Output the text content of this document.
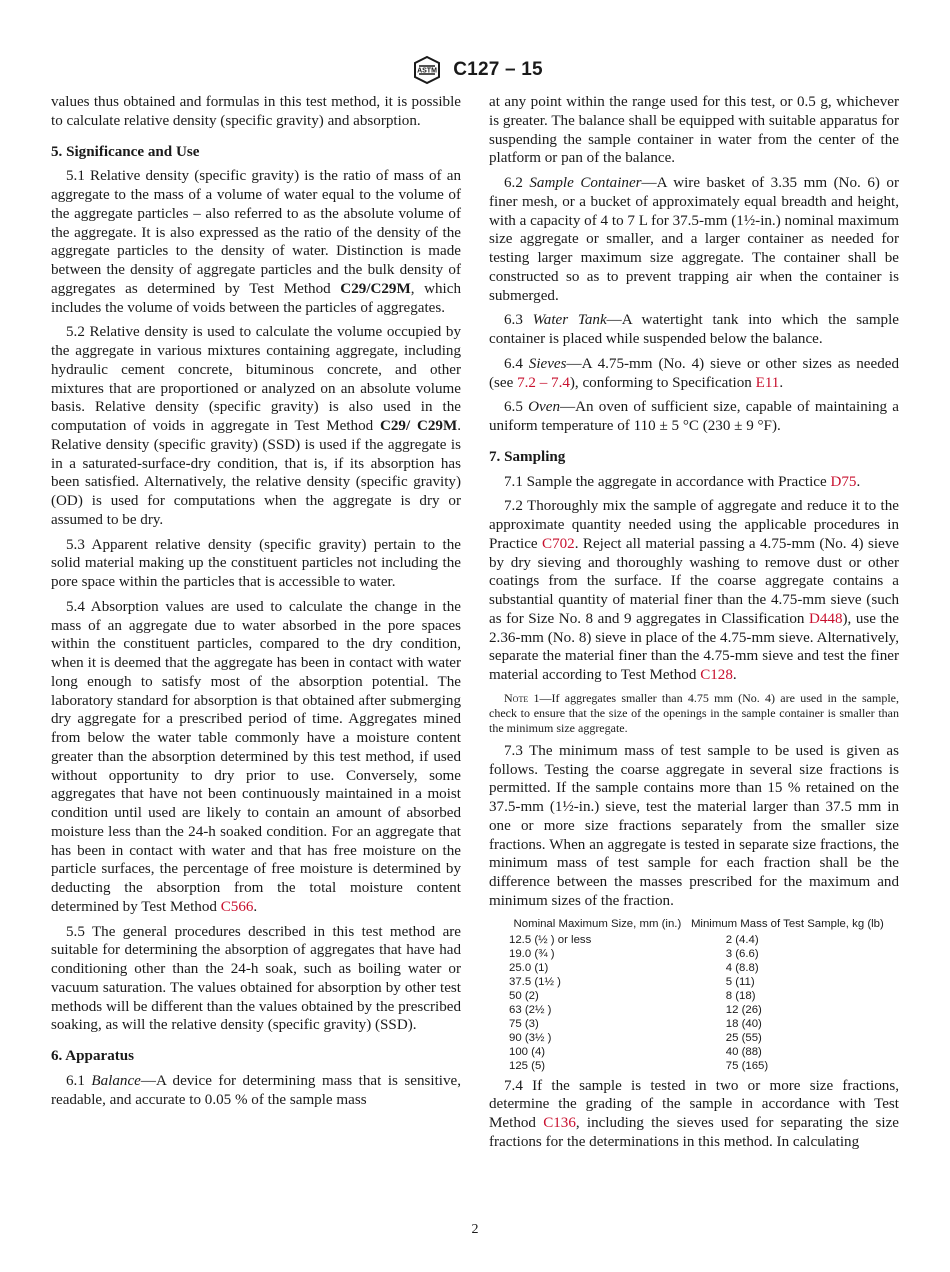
ASTM C127 – 15

values thus obtained and formulas in this test method, it is possible to calculate relative density (specific gravity) and absorption.

5. Significance and Use

5.1 Relative density (specific gravity) is the ratio of mass of an aggregate to the mass of a volume of water equal to the volume of the aggregate particles – also referred to as the absolute volume of the aggregate. It is also expressed as the ratio of the density of the aggregate particles to the density of water. Distinction is made between the density of aggregate particles and the bulk density of aggregates as determined by Test Method C29/C29M, which includes the volume of voids between the particles of aggregates.

5.2 Relative density is used to calculate the volume occupied by the aggregate in various mixtures containing aggregate, including hydraulic cement concrete, bituminous concrete, and other mixtures that are proportioned or analyzed on an absolute volume basis. Relative density (specific gravity) is also used in the computation of voids in aggregate in Test Method C29/ C29M. Relative density (specific gravity) (SSD) is used if the aggregate is in a saturated-surface-dry condition, that is, if its absorption has been satisfied. Alternatively, the relative density (specific gravity) (OD) is used for computations when the aggregate is dry or assumed to be dry.

5.3 Apparent relative density (specific gravity) pertain to the solid material making up the constituent particles not including the pore space within the particles that is accessible to water.

5.4 Absorption values are used to calculate the change in the mass of an aggregate due to water absorbed in the pore spaces within the constituent particles, compared to the dry condition, when it is deemed that the aggregate has been in contact with water long enough to satisfy most of the absorption potential. The laboratory standard for absorption is that obtained after submerging dry aggregate for a prescribed period of time. Aggregates mined from below the water table commonly have a moisture content greater than the absorption determined by this test method, if used without opportunity to dry prior to use. Conversely, some aggregates that have not been continuously maintained in a moist condition until used are likely to contain an amount of absorbed moisture less than the 24-h soaked condition. For an aggregate that has been in contact with water and that has free moisture on the particle surfaces, the percentage of free moisture is determined by deducting the absorption from the total moisture content determined by Test Method C566.

5.5 The general procedures described in this test method are suitable for determining the absorption of aggregates that have had conditioning other than the 24-h soak, such as boiling water or vacuum saturation. The values obtained for absorption by other test methods will be different than the values obtained by the prescribed soaking, as will the relative density (specific gravity) (SSD).

6. Apparatus

6.1 Balance—A device for determining mass that is sensitive, readable, and accurate to 0.05 % of the sample mass

at any point within the range used for this test, or 0.5 g, whichever is greater. The balance shall be equipped with suitable apparatus for suspending the sample container in water from the center of the platform or pan of the balance.

6.2 Sample Container—A wire basket of 3.35 mm (No. 6) or finer mesh, or a bucket of approximately equal breadth and height, with a capacity of 4 to 7 L for 37.5-mm (1½-in.) nominal maximum size aggregate or smaller, and a larger container as needed for testing larger maximum size aggregate. The container shall be constructed so as to prevent trapping air when the container is submerged.

6.3 Water Tank—A watertight tank into which the sample container is placed while suspended below the balance.

6.4 Sieves—A 4.75-mm (No. 4) sieve or other sizes as needed (see 7.2 – 7.4), conforming to Specification E11.

6.5 Oven—An oven of sufficient size, capable of maintaining a uniform temperature of 110 ± 5 °C (230 ± 9 °F).

7. Sampling

7.1 Sample the aggregate in accordance with Practice D75.

7.2 Thoroughly mix the sample of aggregate and reduce it to the approximate quantity needed using the applicable procedures in Practice C702. Reject all material passing a 4.75-mm (No. 4) sieve by dry sieving and thoroughly washing to remove dust or other coatings from the surface. If the coarse aggregate contains a substantial quantity of material finer than the 4.75-mm sieve (such as for Size No. 8 and 9 aggregates in Classification D448), use the 2.36-mm (No. 8) sieve in place of the 4.75-mm sieve. Alternatively, separate the material finer than the 4.75-mm sieve and test the finer material according to Test Method C128.

Note 1—If aggregates smaller than 4.75 mm (No. 4) are used in the sample, check to ensure that the size of the openings in the sample container is smaller than the minimum size aggregate.

7.3 The minimum mass of test sample to be used is given as follows. Testing the coarse aggregate in several size fractions is permitted. If the sample contains more than 15 % retained on the 37.5-mm (1½-in.) sieve, test the material larger than 37.5 mm in one or more size fractions separately from the smaller size fractions. When an aggregate is tested in separate size fractions, the minimum mass of test sample for each fraction shall be the difference between the masses prescribed for the maximum and minimum sizes of the fraction.

Nominal Maximum Size, mm (in.)	Minimum Mass of Test Sample, kg (lb)
12.5 (½ ) or less	2 (4.4)
19.0 (¾ )	3 (6.6)
25.0 (1)	4 (8.8)
37.5 (1½ )	5 (11)
50 (2)	8 (18)
63 (2½ )	12 (26)
75 (3)	18 (40)
90 (3½ )	25 (55)
100 (4)	40 (88)
125 (5)	75 (165)

7.4 If the sample is tested in two or more size fractions, determine the grading of the sample in accordance with Test Method C136, including the sieves used for separating the size fractions for the determinations in this method. In calculating

2
